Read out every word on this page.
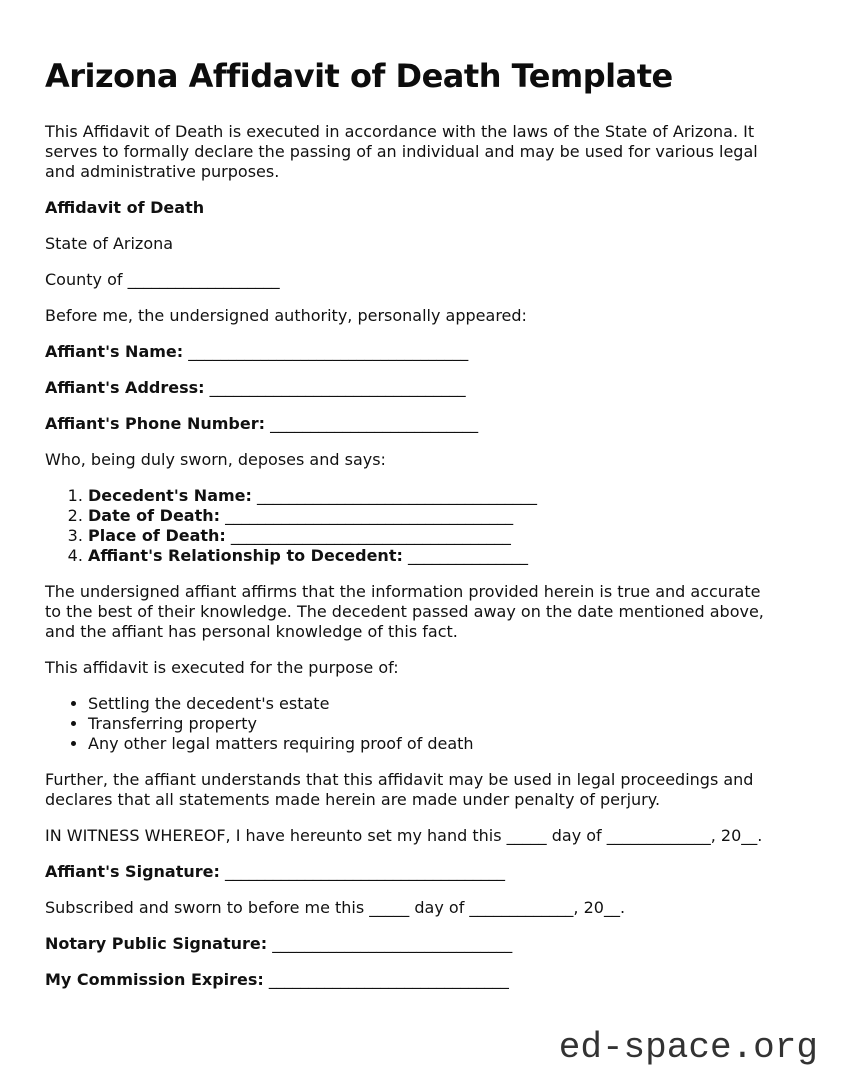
Arizona Affidavit of Death Template

This Affidavit of Death is executed in accordance with the laws of the State of Arizona. It
serves to formally declare the passing of an individual and may be used for various legal
and administrative purposes.

Affidavit of Death

State of Arizona

County of ___________________

Before me, the undersigned authority, personally appeared:

Affiant's Name: ___________________________________

Affiant's Address: ________________________________

Affiant's Phone Number: __________________________

Who, being duly sworn, deposes and says:

1. Decedent's Name: ___________________________________
2. Date of Death: ____________________________________
3. Place of Death: ___________________________________
4. Affiant's Relationship to Decedent: _______________

The undersigned affiant affirms that the information provided herein is true and accurate
to the best of their knowledge. The decedent passed away on the date mentioned above,
and the affiant has personal knowledge of this fact.

This affidavit is executed for the purpose of:

• Settling the decedent's estate
• Transferring property
• Any other legal matters requiring proof of death

Further, the affiant understands that this affidavit may be used in legal proceedings and
declares that all statements made herein are made under penalty of perjury.

IN WITNESS WHEREOF, I have hereunto set my hand this _____ day of _____________, 20__.

Affiant's Signature: ___________________________________

Subscribed and sworn to before me this _____ day of _____________, 20__.

Notary Public Signature: ______________________________

My Commission Expires: ______________________________

ed-space.org
